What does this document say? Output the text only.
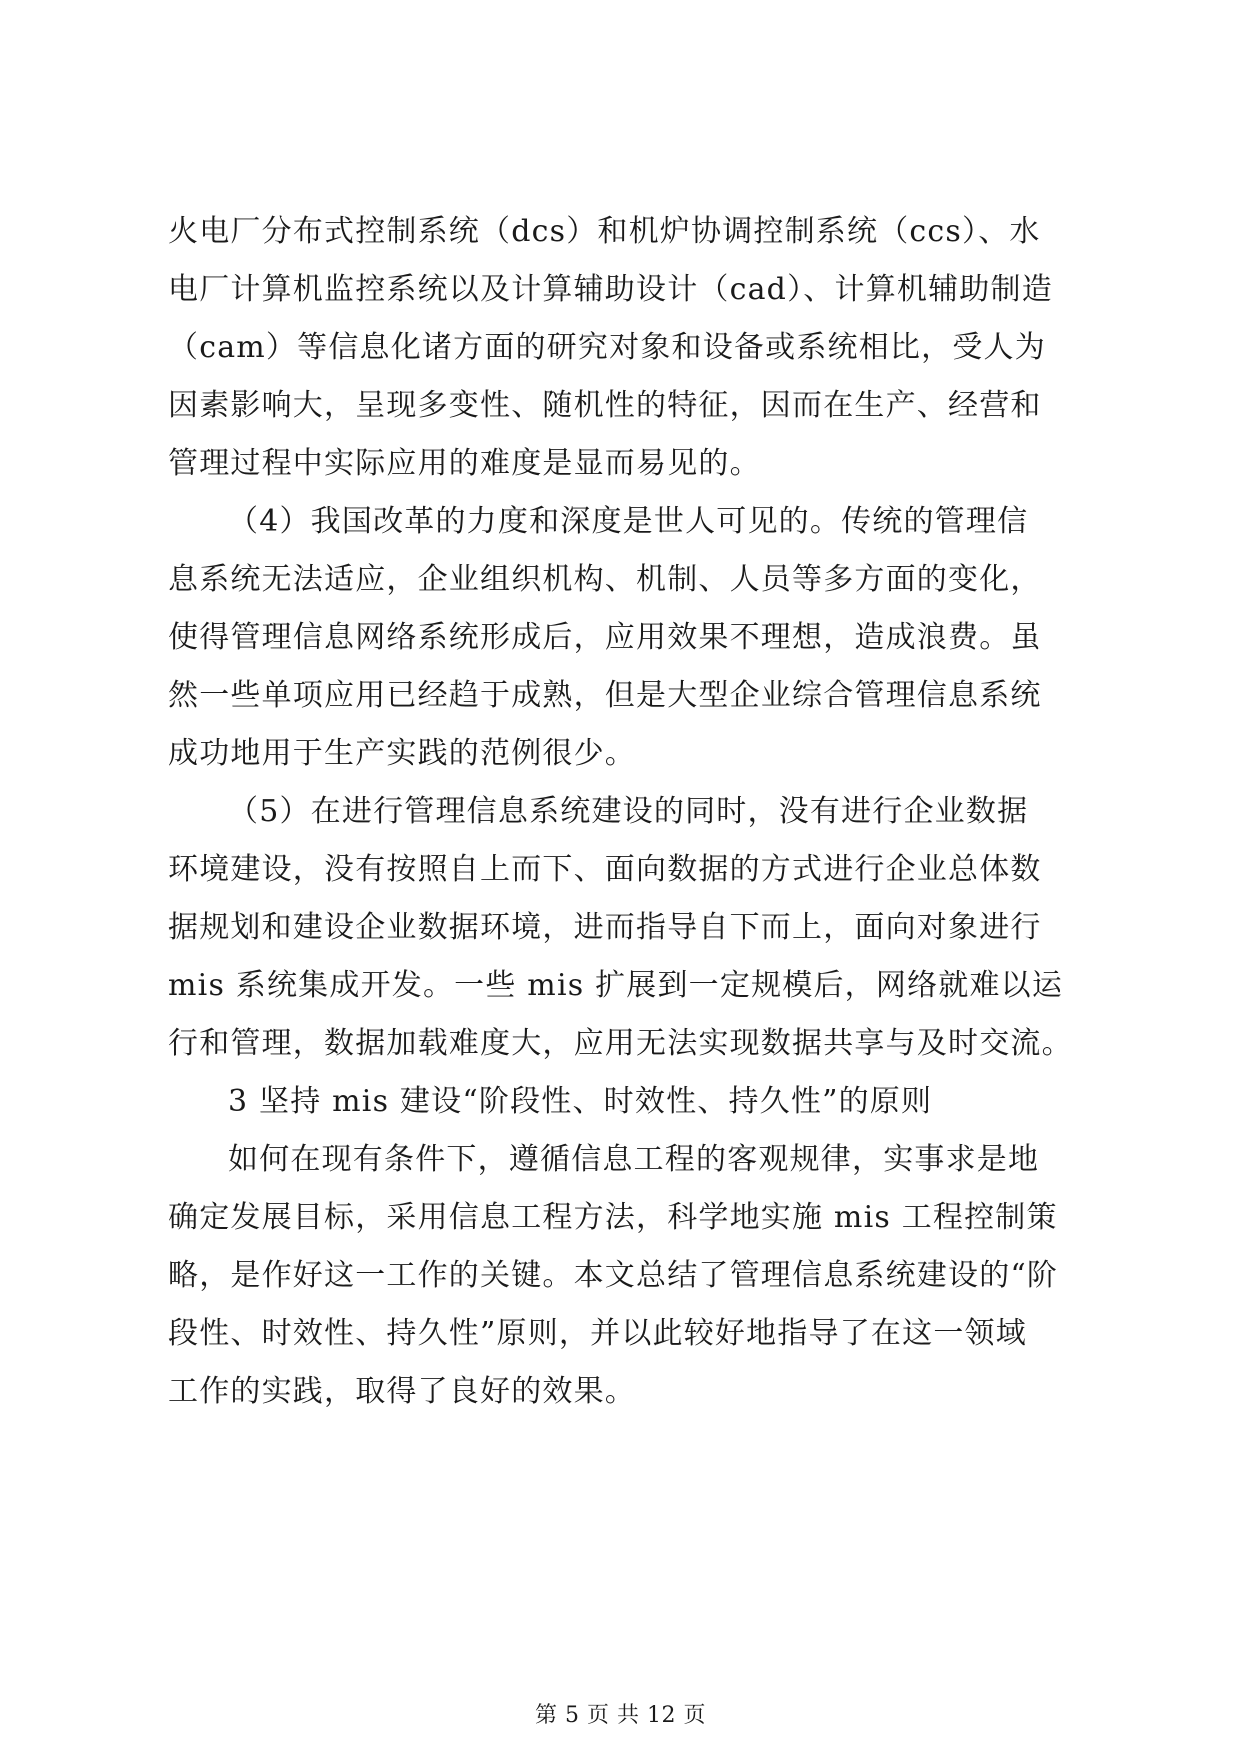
火电厂分布式控制系统（dcs）和机炉协调控制系统（ccs）、水
电厂计算机监控系统以及计算辅助设计（cad）、计算机辅助制造
（cam）等信息化诸方面的研究对象和设备或系统相比，受人为
因素影响大，呈现多变性、随机性的特征，因而在生产、经营和
管理过程中实际应用的难度是显而易见的。
（4）我国改革的力度和深度是世人可见的。传统的管理信
息系统无法适应，企业组织机构、机制、人员等多方面的变化，
使得管理信息网络系统形成后，应用效果不理想，造成浪费。虽
然一些单项应用已经趋于成熟，但是大型企业综合管理信息系统
成功地用于生产实践的范例很少。
（5）在进行管理信息系统建设的同时，没有进行企业数据
环境建设，没有按照自上而下、面向数据的方式进行企业总体数
据规划和建设企业数据环境，进而指导自下而上，面向对象进行
mis 系统集成开发。一些 mis 扩展到一定规模后，网络就难以运
行和管理，数据加载难度大，应用无法实现数据共享与及时交流。
3 坚持 mis 建设“阶段性、时效性、持久性”的原则
如何在现有条件下，遵循信息工程的客观规律，实事求是地
确定发展目标，采用信息工程方法，科学地实施 mis 工程控制策
略，是作好这一工作的关键。本文总结了管理信息系统建设的“阶
段性、时效性、持久性”原则，并以此较好地指导了在这一领域
工作的实践，取得了良好的效果。
第 5 页 共 12 页
